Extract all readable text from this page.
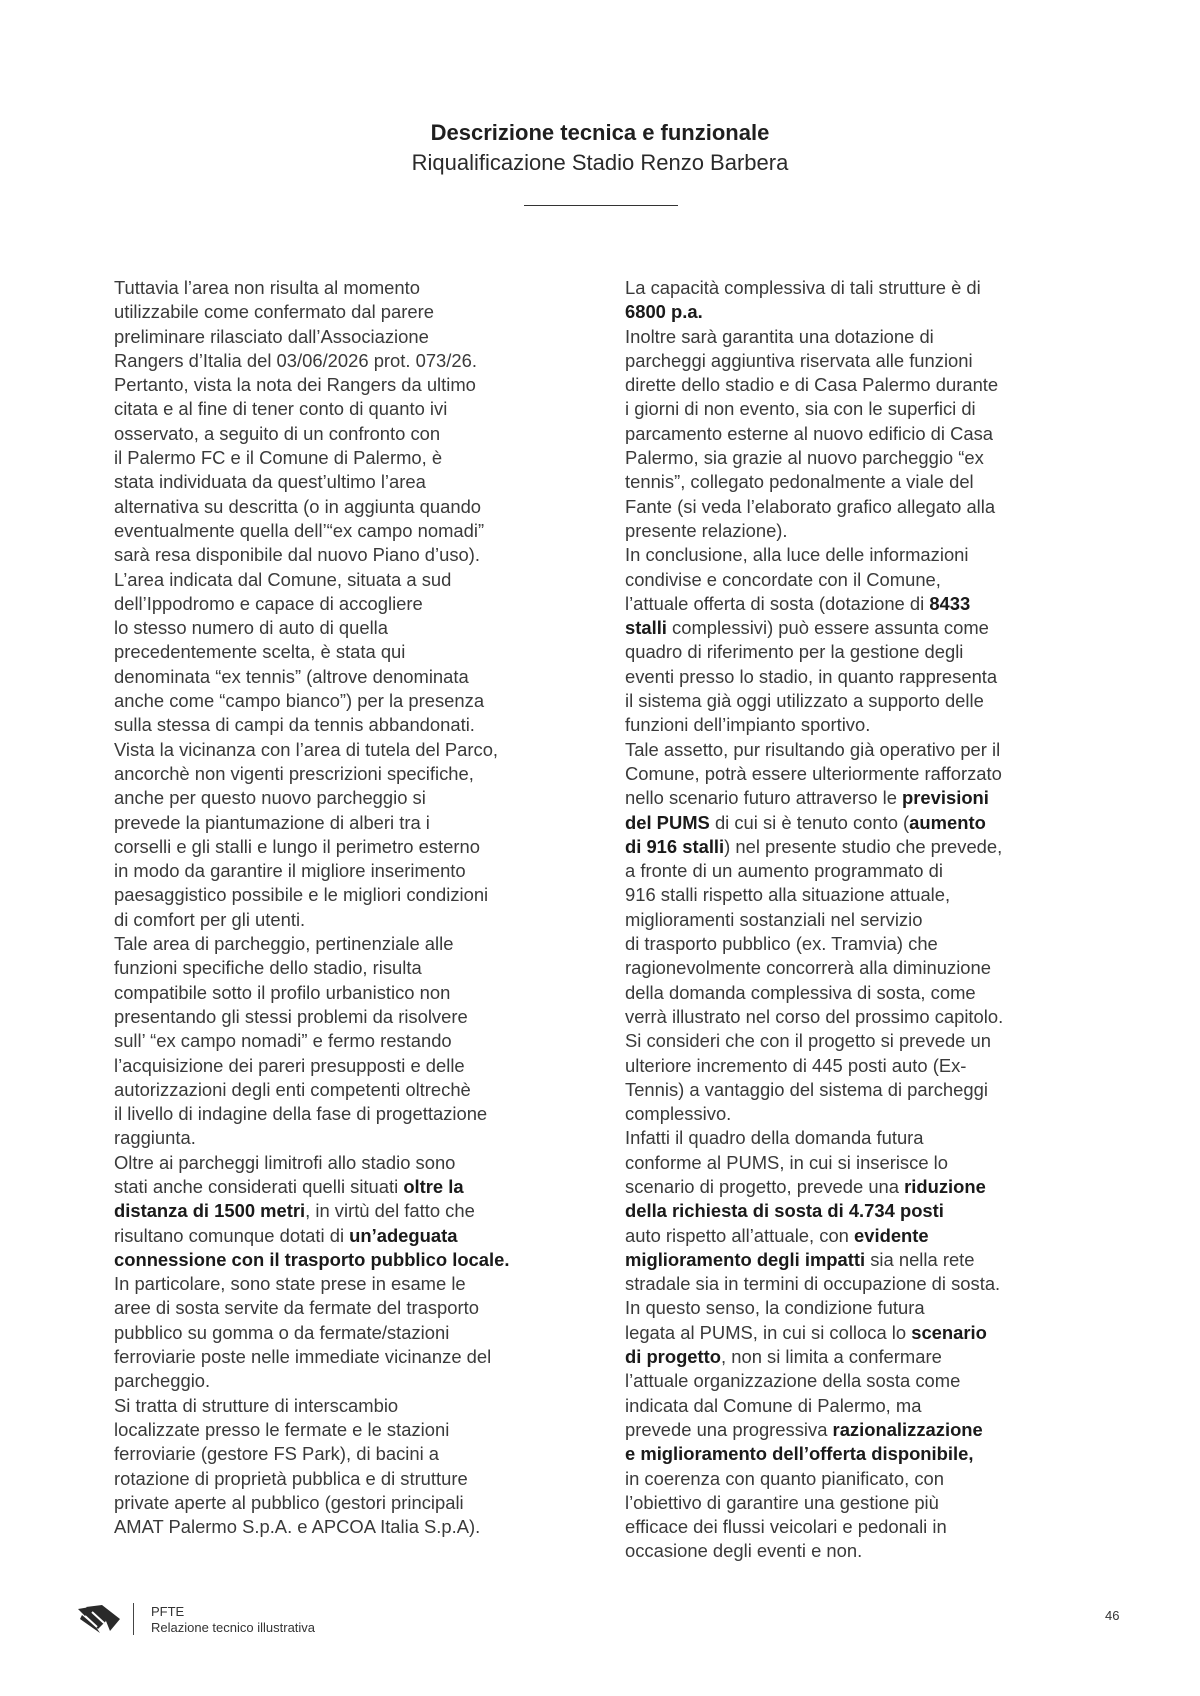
Descrizione tecnica e funzionale
Riqualificazione Stadio Renzo Barbera
Tuttavia l’area non risulta al momento
utilizzabile come confermato dal parere
preliminare rilasciato dall’Associazione
Rangers d’Italia del 03/06/2026 prot. 073/26.
Pertanto, vista la nota dei Rangers da ultimo
citata e al fine di tener conto di quanto ivi
osservato, a seguito di un confronto con
il Palermo FC e il Comune di Palermo, è
stata individuata da quest’ultimo l’area
alternativa su descritta (o in aggiunta quando
eventualmente quella dell’“ex campo nomadi”
sarà resa disponibile dal nuovo Piano d’uso).
L’area indicata dal Comune, situata a sud
dell’Ippodromo e capace di accogliere
lo stesso numero di auto di quella
precedentemente scelta, è stata qui
denominata “ex tennis” (altrove denominata
anche come “campo bianco”) per la presenza
sulla stessa di campi da tennis abbandonati.
Vista la vicinanza con l’area di tutela del Parco,
ancorchè non vigenti prescrizioni specifiche,
anche per questo nuovo parcheggio si
prevede la piantumazione di alberi tra i
corselli e gli stalli e lungo il perimetro esterno
in modo da garantire il migliore inserimento
paesaggistico possibile e le migliori condizioni
di comfort per gli utenti.
Tale area di parcheggio, pertinenziale alle
funzioni specifiche dello stadio, risulta
compatibile sotto il profilo urbanistico non
presentando gli stessi problemi da risolvere
sull’ “ex campo nomadi” e fermo restando
l’acquisizione dei pareri presupposti e delle
autorizzazioni degli enti competenti oltrechè
il livello di indagine della fase di progettazione
raggiunta.
Oltre ai parcheggi limitrofi allo stadio sono
stati anche considerati quelli situati oltre la
distanza di 1500 metri, in virtù del fatto che
risultano comunque dotati di un’adeguata
connessione con il trasporto pubblico locale.
In particolare, sono state prese in esame le
aree di sosta servite da fermate del trasporto
pubblico su gomma o da fermate/stazioni
ferroviarie poste nelle immediate vicinanze del
parcheggio.
Si tratta di strutture di interscambio
localizzate presso le fermate e le stazioni
ferroviarie (gestore FS Park), di bacini a
rotazione di proprietà pubblica e di strutture
private aperte al pubblico (gestori principali
AMAT Palermo S.p.A. e APCOA Italia S.p.A).
La capacità complessiva di tali strutture è di
6800 p.a.
Inoltre sarà garantita una dotazione di
parcheggi aggiuntiva riservata alle funzioni
dirette dello stadio e di Casa Palermo durante
i giorni di non evento, sia con le superfici di
parcamento esterne al nuovo edificio di Casa
Palermo, sia grazie al nuovo parcheggio “ex
tennis”, collegato pedonalmente a viale del
Fante (si veda l’elaborato grafico allegato alla
presente relazione).
In conclusione, alla luce delle informazioni
condivise e concordate con il Comune,
l’attuale offerta di sosta (dotazione di 8433
stalli complessivi) può essere assunta come
quadro di riferimento per la gestione degli
eventi presso lo stadio, in quanto rappresenta
il sistema già oggi utilizzato a supporto delle
funzioni dell’impianto sportivo.
Tale assetto, pur risultando già operativo per il
Comune, potrà essere ulteriormente rafforzato
nello scenario futuro attraverso le previsioni
del PUMS di cui si è tenuto conto (aumento
di 916 stalli) nel presente studio che prevede,
a fronte di un aumento programmato di
916 stalli rispetto alla situazione attuale,
miglioramenti sostanziali nel servizio
di trasporto pubblico (ex. Tramvia) che
ragionevolmente concorrerà alla diminuzione
della domanda complessiva di sosta, come
verrà illustrato nel corso del prossimo capitolo.
Si consideri che con il progetto si prevede un
ulteriore incremento di 445 posti auto (Ex-
Tennis) a vantaggio del sistema di parcheggi
complessivo.
Infatti il quadro della domanda futura
conforme al PUMS, in cui si inserisce lo
scenario di progetto, prevede una riduzione
della richiesta di sosta di 4.734 posti
auto rispetto all’attuale, con evidente
miglioramento degli impatti sia nella rete
stradale sia in termini di occupazione di sosta.
In questo senso, la condizione futura
legata al PUMS, in cui si colloca lo scenario
di progetto, non si limita a confermare
l’attuale organizzazione della sosta come
indicata dal Comune di Palermo, ma
prevede una progressiva razionalizzazione
e miglioramento dell’offerta disponibile,
in coerenza con quanto pianificato, con
l’obiettivo di garantire una gestione più
efficace dei flussi veicolari e pedonali in
occasione degli eventi e non.
PFTE
Relazione tecnico illustrativa
46
